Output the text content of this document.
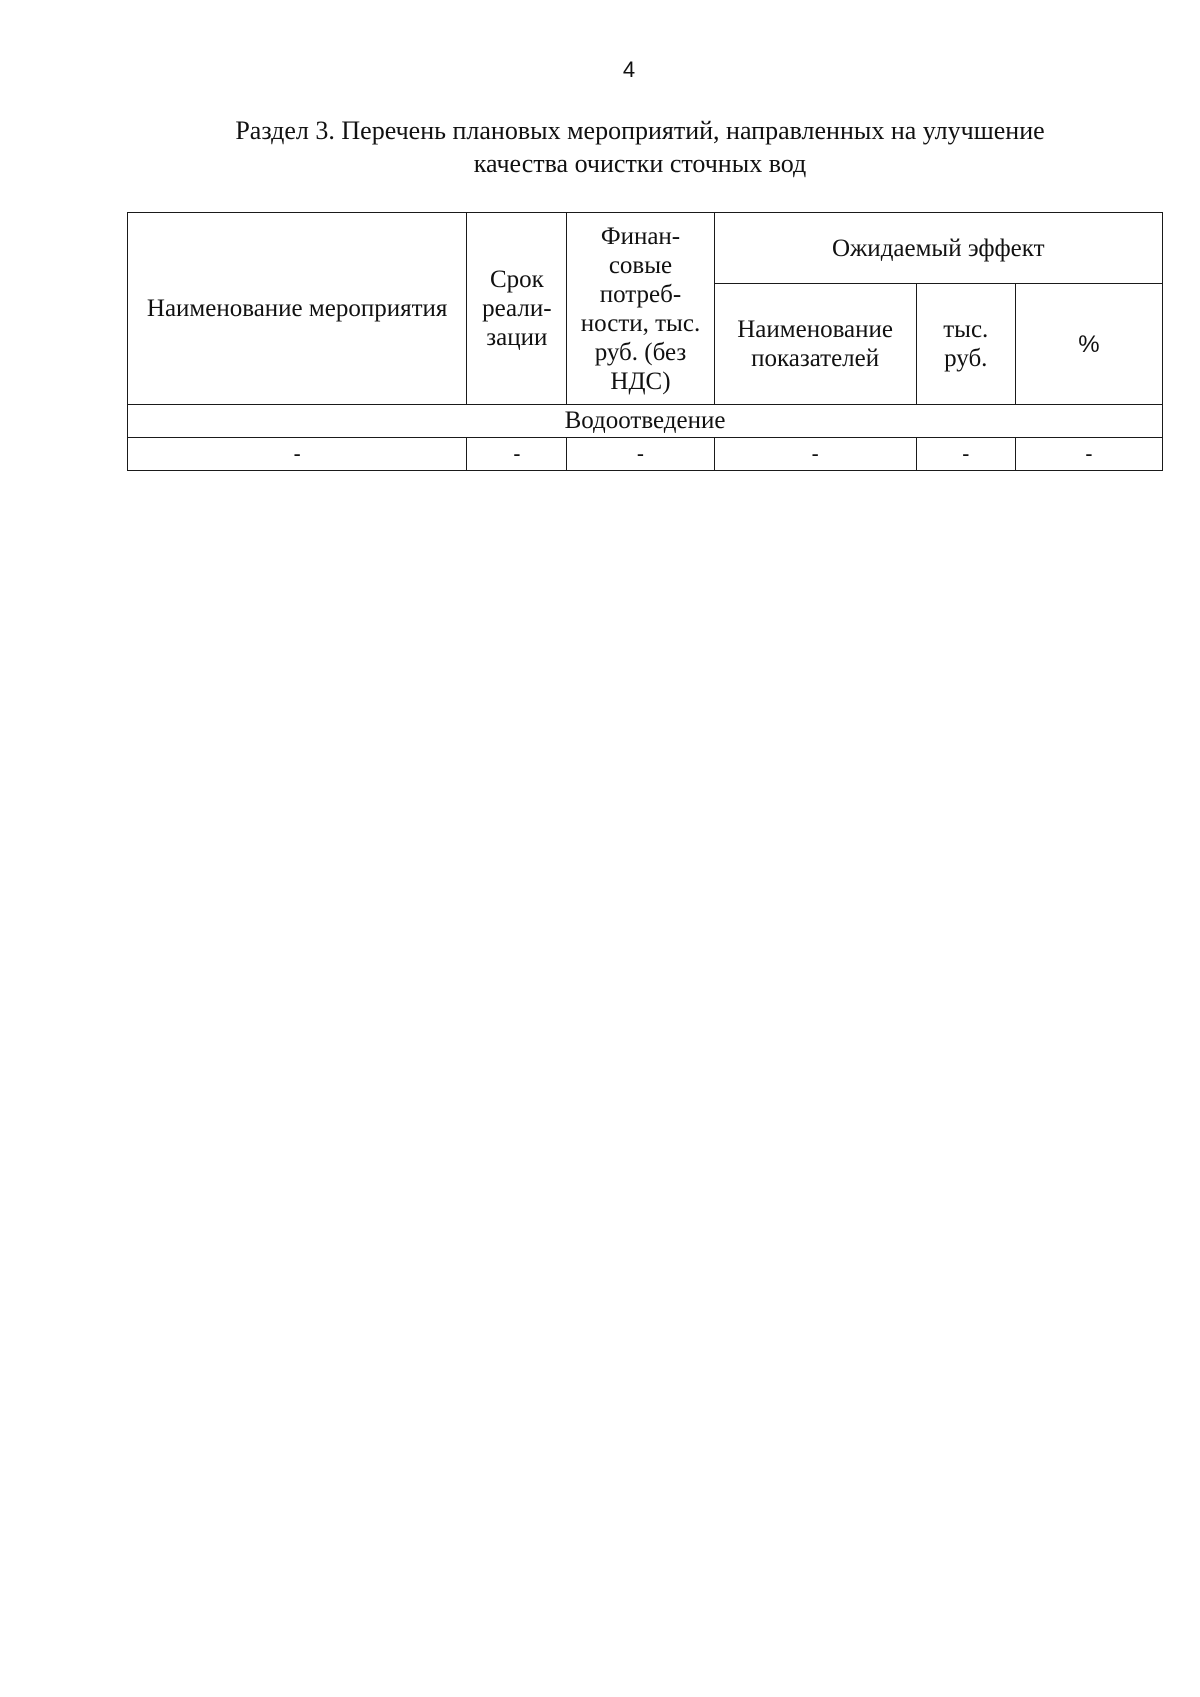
4
Раздел 3. Перечень плановых мероприятий, направленных на улучшение
качества очистки сточных вод
Наименование мероприятия	Срок реали- зации	Финан- совые потреб- ности, тыс. руб. (без НДС)	Ожидаемый эффект		
			Наименование показателей	тыс. руб.	%
Водоотведение					
-	-	-	-	-	-
